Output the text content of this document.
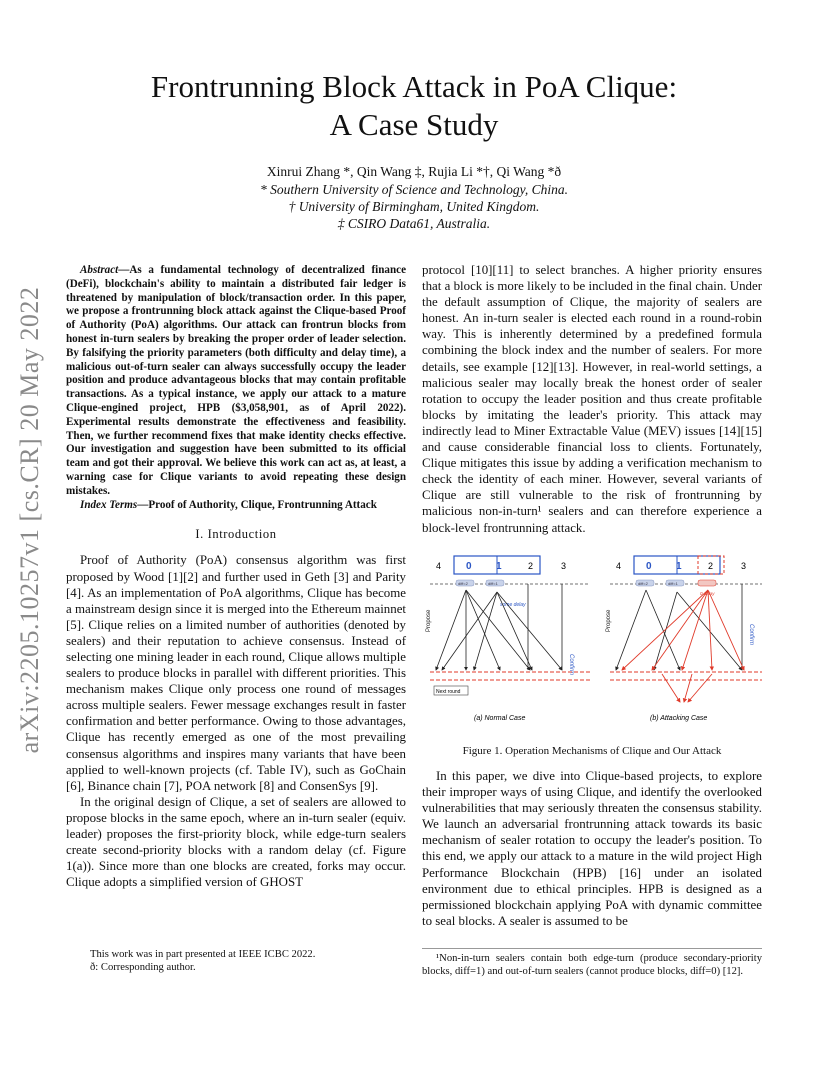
arXiv:2205.10257v1 [cs.CR] 20 May 2022
Frontrunning Block Attack in PoA Clique:
A Case Study
Xinrui Zhang *, Qin Wang ‡, Rujia Li *†, Qi Wang *ð
* Southern University of Science and Technology, China.
† University of Birmingham, United Kingdom.
‡ CSIRO Data61, Australia.

Abstract—As a fundamental technology of decentralized finance (DeFi), blockchain's ability to maintain a distributed fair ledger is threatened by manipulation of block/transaction order. In this paper, we propose a frontrunning block attack against the Clique-based Proof of Authority (PoA) algorithms. Our attack can frontrun blocks from honest in-turn sealers by breaking the proper order of leader selection. By falsifying the priority parameters (both difficulty and delay time), a malicious out-of-turn sealer can always successfully occupy the leader position and produce advantageous blocks that may contain profitable transactions. As a typical instance, we apply our attack to a mature Clique-engined project, HPB ($3,058,901, as of April 2022). Experimental results demonstrate the effectiveness and feasibility. Then, we further recommend fixes that make identity checks effective. Our investigation and suggestion have been submitted to its official team and got their approval. We believe this work can act as, at least, a warning case for Clique variants to avoid repeating these design mistakes.

Index Terms—Proof of Authority, Clique, Frontrunning Attack

I. Introduction

Proof of Authority (PoA) consensus algorithm was first proposed by Wood [1][2] and further used in Geth [3] and Parity [4]. As an implementation of PoA algorithms, Clique has become a mainstream design since it is merged into the Ethereum mainnet [5]. Clique relies on a limited number of authorities (denoted by sealers) and their reputation to achieve consensus. Instead of selecting one mining leader in each round, Clique allows multiple sealers to produce blocks in parallel with different priorities. This mechanism makes Clique only process one round of messages across multiple sealers. Fewer message exchanges result in faster confirmation and better performance. Owing to those advantages, Clique has recently emerged as one of the most prevailing consensus algorithms and inspires many variants that have been applied to well-known projects (cf. Table IV), such as GoChain [6], Binance chain [7], POA network [8] and ConsenSys [9].

In the original design of Clique, a set of sealers are allowed to propose blocks in the same epoch, where an in-turn sealer (equiv. leader) proposes the first-priority block, while edge-turn sealers create second-priority blocks with a random delay (cf. Figure 1(a)). Since more than one blocks are created, forks may occur. Clique adopts a simplified version of GHOST

This work was in part presented at IEEE ICBC 2022.
ð: Corresponding author.

protocol [10][11] to select branches. A higher priority ensures that a block is more likely to be included in the final chain. Under the default assumption of Clique, the majority of sealers are honest. An in-turn sealer is elected each round in a round-robin way. This is inherently determined by a predefined formula combining the block index and the number of sealers. For more details, see example [12][13]. However, in real-world settings, a malicious sealer may locally break the honest order of sealer rotation to occupy the leader position and thus create profitable blocks by imitating the leader's priority. This attack may indirectly lead to Miner Extractable Value (MEV) issues [14][15] and cause considerable financial loss to clients. Fortunately, Clique mitigates this issue by adding a verification mechanism to check the identity of each miner. However, several variants of Clique are still vulnerable to the risk of frontrunning by malicious non-in-turn¹ sealers and can therefore experience a block-level frontrunning attack.

4 0 1	2	3
diff=2	diff=1
some delay
Propose
Confirm
Next round
(a) Normal Case
4 0 1	2	3
diff=2	diff=1
0 delay
Propose
Confirm
(b) Attacking Case
Figure 1. Operation Mechanisms of Clique and Our Attack

In this paper, we dive into Clique-based projects, to explore their improper ways of using Clique, and identify the overlooked vulnerabilities that may seriously threaten the consensus stability. We launch an adversarial frontrunning attack towards its basic mechanism of sealer rotation to occupy the leader's position. To this end, we apply our attack to a mature in the wild project High Performance Blockchain (HPB) [16] under an isolated environment due to ethical principles. HPB is designed as a permissioned blockchain applying PoA with dynamic committee to seal blocks. A sealer is assumed to be

¹Non-in-turn sealers contain both edge-turn (produce secondary-priority blocks, diff=1) and out-of-turn sealers (cannot produce blocks, diff=0) [12].
